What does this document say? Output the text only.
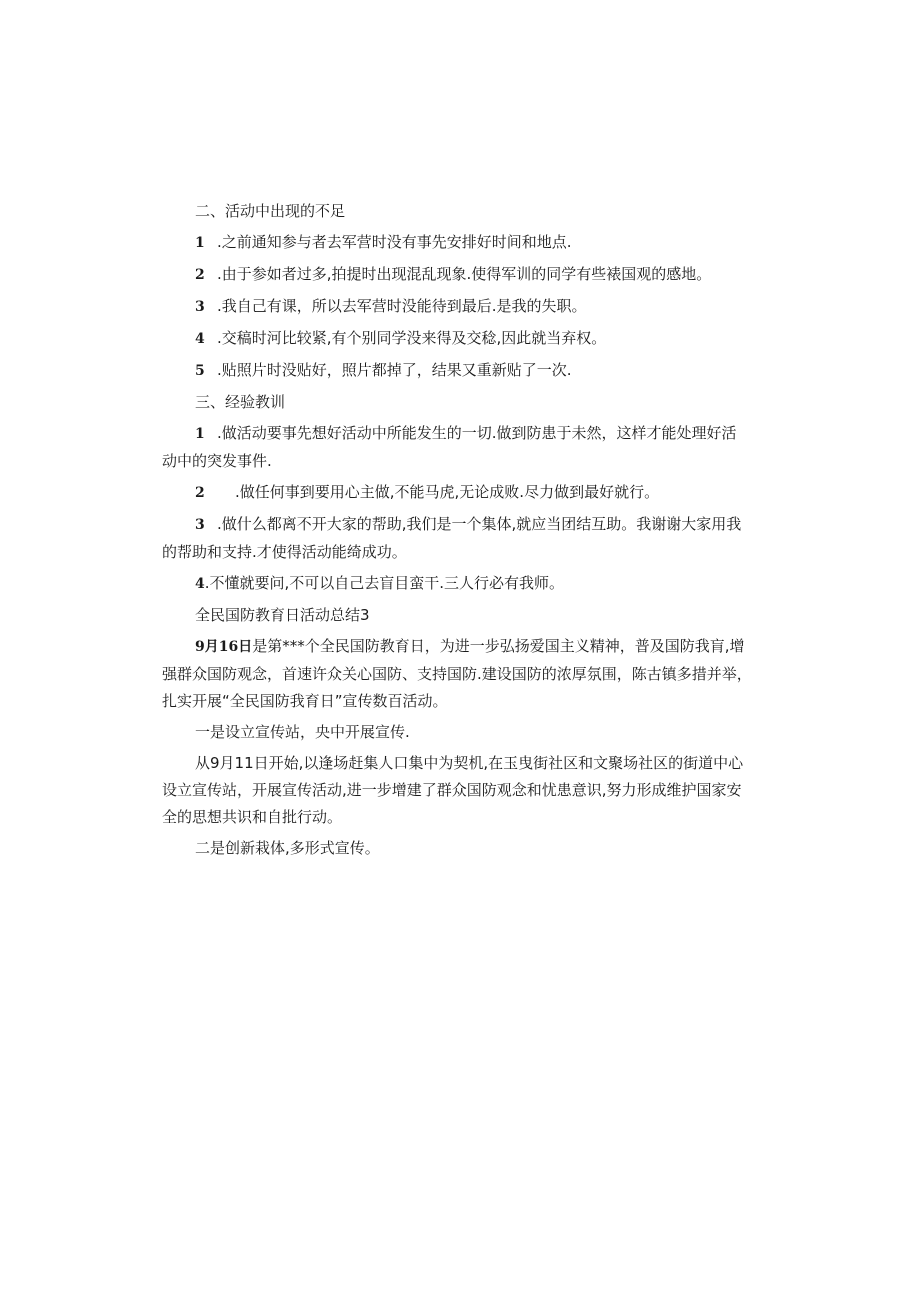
二、活动中出现的不足
1 .之前通知参与者去军营时没有事先安排好时间和地点.
2 .由于参如者过多,拍提时出现混乱现象.使得军训的同学有些裱国观的感地。
3 .我自己有课，所以去军营时没能待到最后.是我的失职。
4 .交稿时河比较紧,有个别同学没来得及交稔,因此就当弃权。
5 .贴照片时没贴好，照片都掉了，结果又重新贴了一次.
三、经验教训
1 .做活动要事先想好活动中所能发生的一切.做到防患于未然，这样才能处理好活
动中的突发事件.
2 .做任何事到要用心主做,不能马虎,无论成败.尽力做到最好就行。
3 .做什么都离不开大家的帮助,我们是一个集体,就应当团结互助。我谢谢大家用我
的帮助和支持.才使得活动能绮成功。
4.不懂就要问,不可以自己去盲目蛮干.三人行必有我师。
全民国防教育日活动总结3
9月16日是第***个全民国防教育日，为进一步弘扬爱国主义精神，普及国防我肓,增
强群众国防观念，首速许众关心国防、支持国防.建设国防的浓厚氛围，陈古镇多措并举，
扎实开展“全民国防我育日”宣传数百活动。
一是设立宣传站，央中开展宣传.
从9月11日开始,以逢场赶集人口集中为契机,在玉曳街社区和文聚场社区的街道中心
设立宣传站，开展宣传活动,进一步增建了群众国防观念和忧患意识,努力形成维护国家安
全的思想共识和自批行动。
二是创新栽体,多形式宣传。
